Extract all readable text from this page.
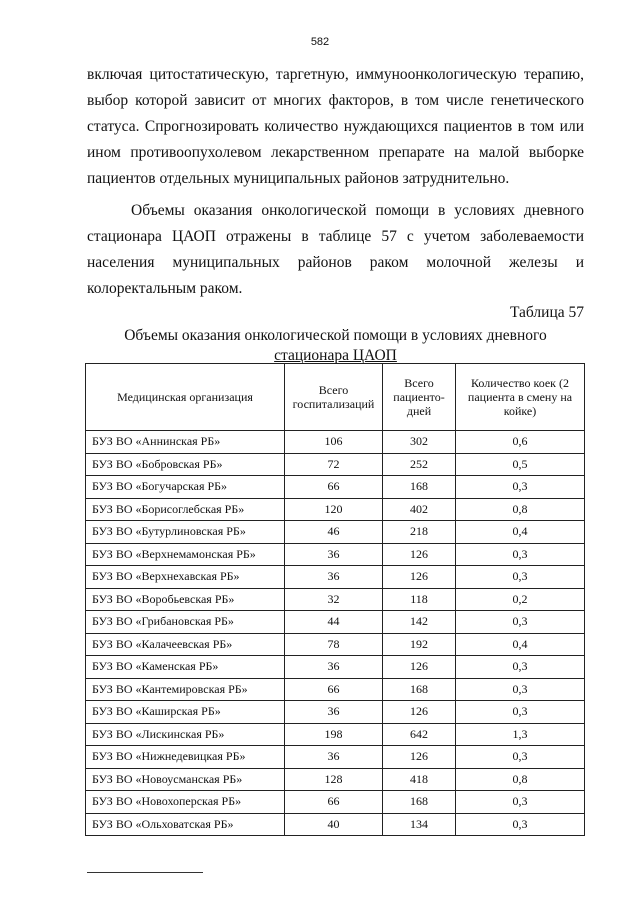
582
включая цитостатическую, таргетную, иммуноонкологическую терапию,
выбор которой зависит от многих факторов, в том числе генетического
статуса. Спрогнозировать количество нуждающихся пациентов в том или
ином противоопухолевом лекарственном препарате на малой выборке
пациентов отдельных муниципальных районов затруднительно.
Объемы оказания онкологической помощи в условиях дневного
стационара ЦАОП отражены в таблице 57 с учетом заболеваемости
населения муниципальных районов раком молочной железы и
колоректальным раком.
Таблица 57
Объемы оказания онкологической помощи в условиях дневного
стационара ЦАОП
Медицинская организация	Всего госпитализаций	Всего пациенто-дней	Количество коек (2 пациента в смену на койке)
БУЗ ВО «Аннинская РБ»	106	302	0,6
БУЗ ВО «Бобровская РБ»	72	252	0,5
БУЗ ВО «Богучарская РБ»	66	168	0,3
БУЗ ВО «Борисоглебская РБ»	120	402	0,8
БУЗ ВО «Бутурлиновская РБ»	46	218	0,4
БУЗ ВО «Верхнемамонская РБ»	36	126	0,3
БУЗ ВО «Верхнехавская РБ»	36	126	0,3
БУЗ ВО «Воробьевская РБ»	32	118	0,2
БУЗ ВО «Грибановская РБ»	44	142	0,3
БУЗ ВО «Калачеевская РБ»	78	192	0,4
БУЗ ВО «Каменская РБ»	36	126	0,3
БУЗ ВО «Кантемировская РБ»	66	168	0,3
БУЗ ВО «Каширская РБ»	36	126	0,3
БУЗ ВО «Лискинская РБ»	198	642	1,3
БУЗ ВО «Нижнедевицкая РБ»	36	126	0,3
БУЗ ВО «Новоусманская РБ»	128	418	0,8
БУЗ ВО «Новохоперская РБ»	66	168	0,3
БУЗ ВО «Ольховатская РБ»	40	134	0,3
